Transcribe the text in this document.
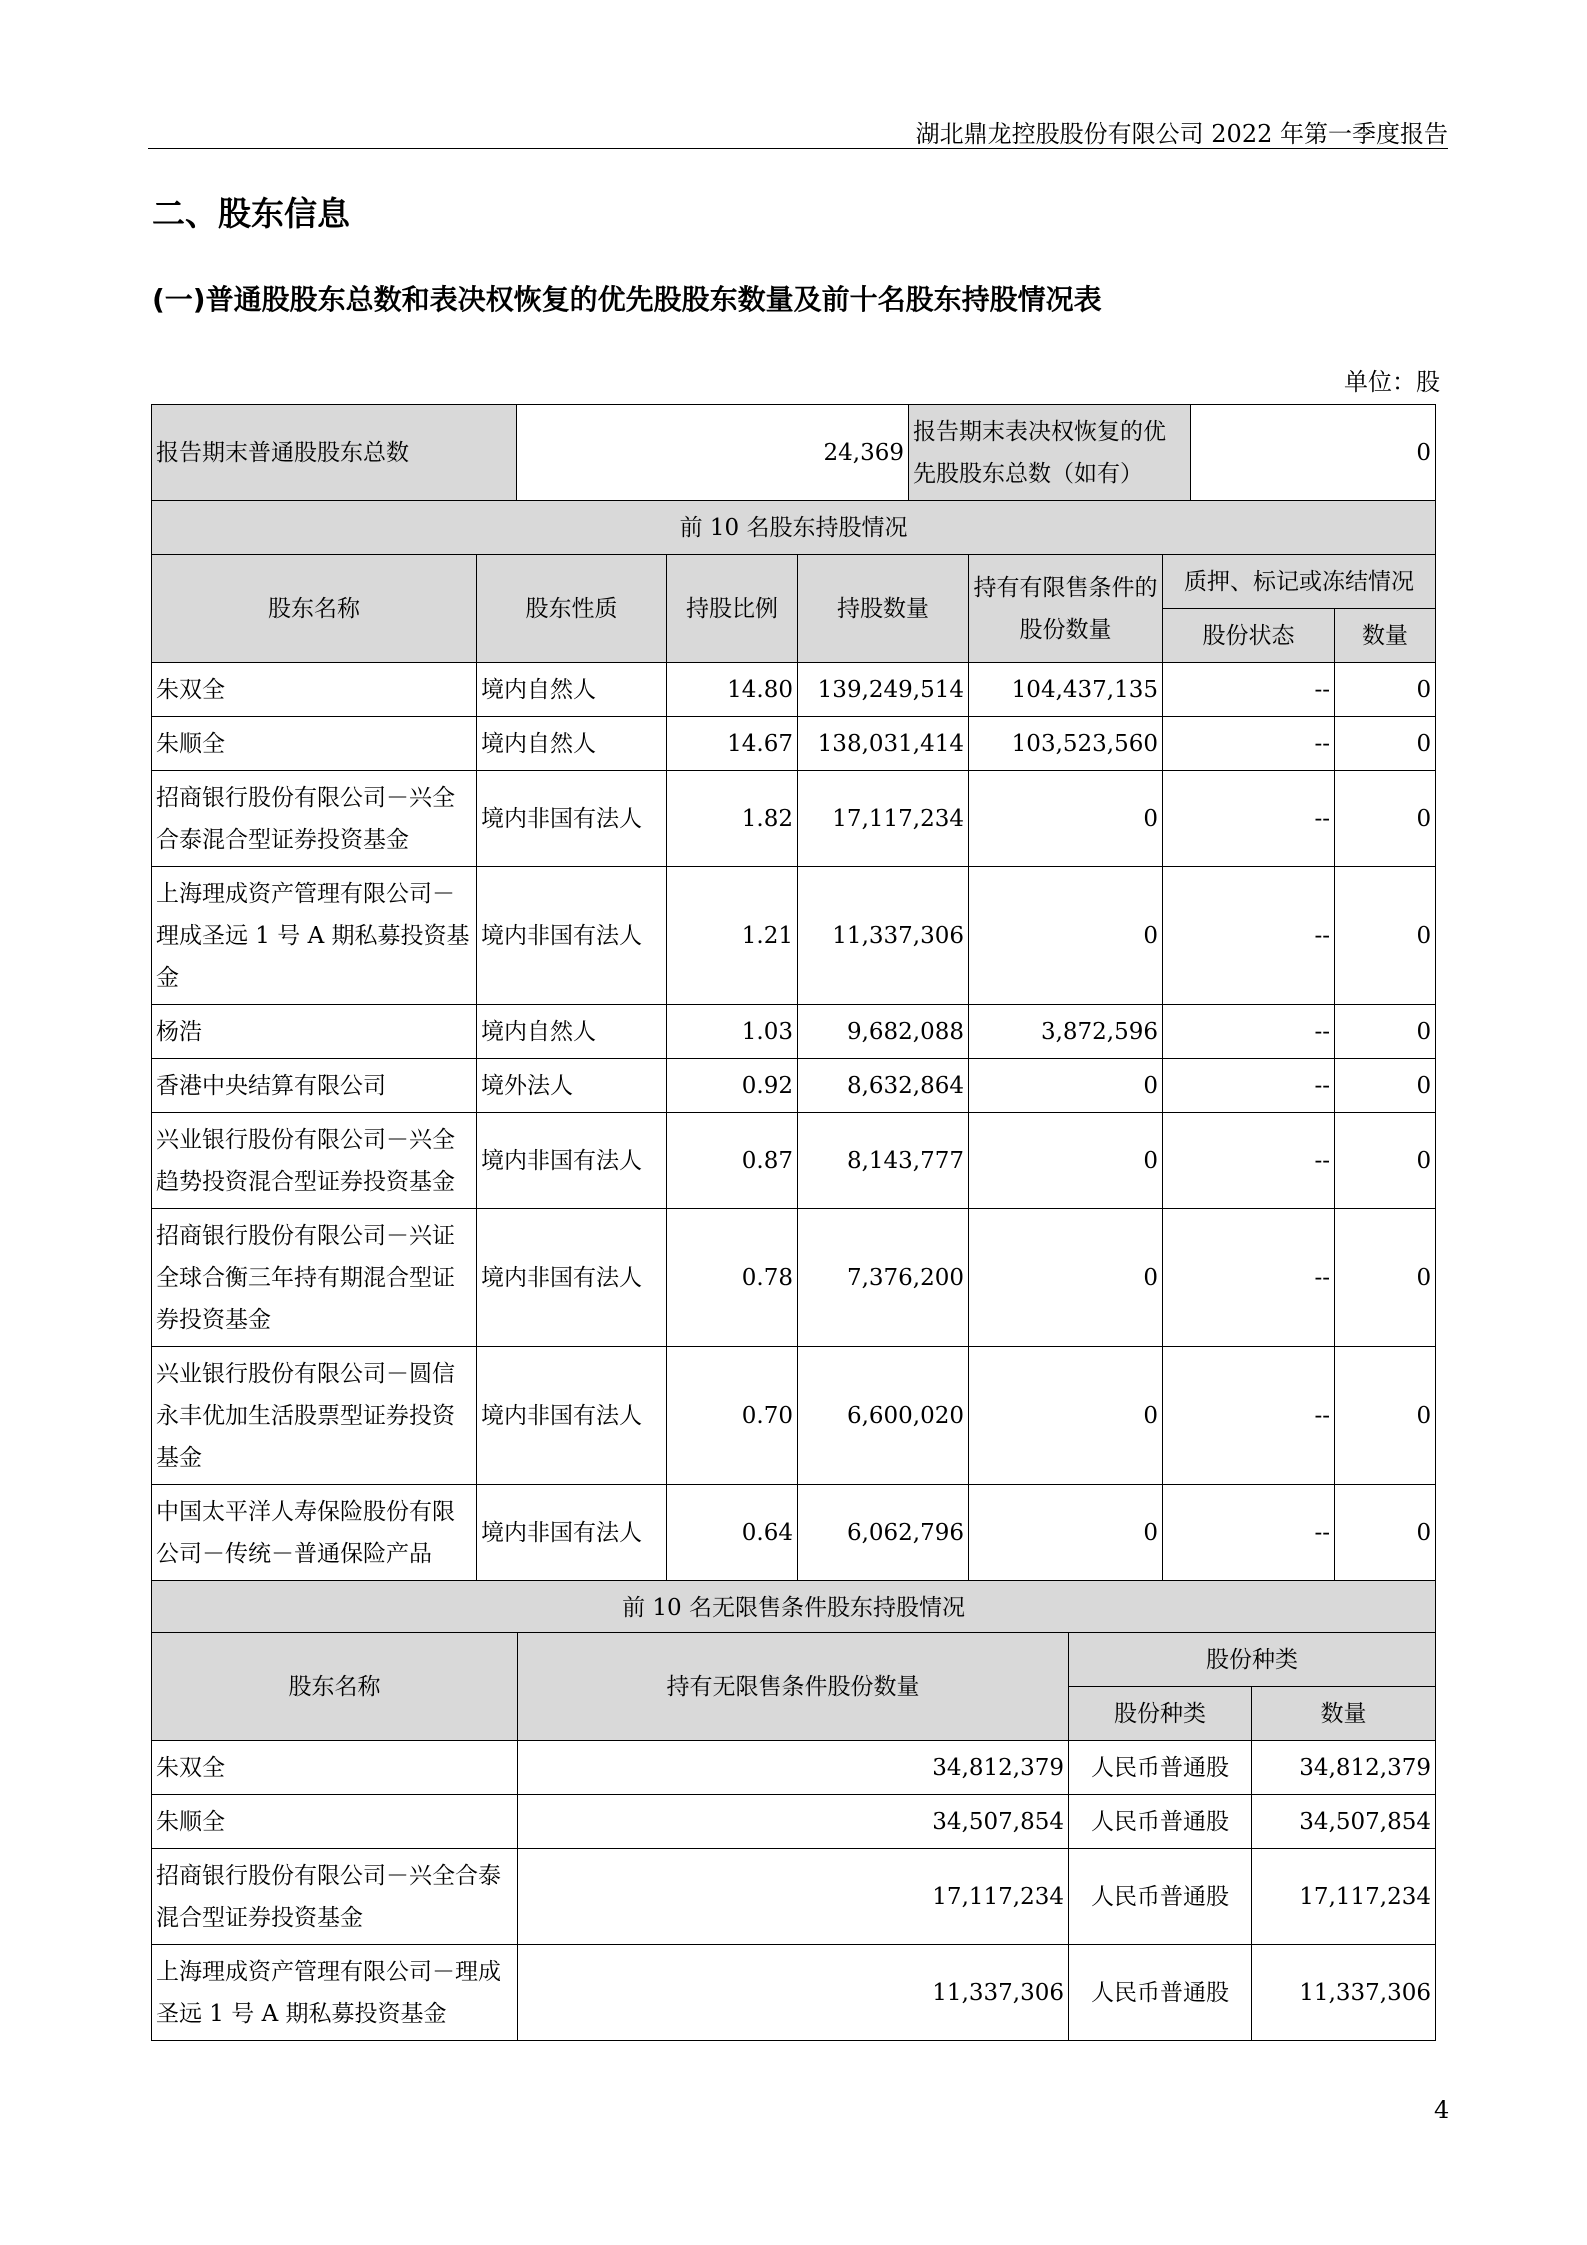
湖北鼎龙控股股份有限公司 2022 年第一季度报告
二、股东信息
(一)普通股股东总数和表决权恢复的优先股股东数量及前十名股东持股情况表
单位：股
报告期末普通股股东总数	24,369	报告期末表决权恢复的优先股股东总数（如有）	0
前 10 名股东持股情况						
股东名称	股东性质	持股比例	持股数量	持有有限售条件的股份数量	质押、标记或冻结情况	
					股份状态	数量
朱双全	境内自然人	14.80	139,249,514	104,437,135	--	0
朱顺全	境内自然人	14.67	138,031,414	103,523,560	--	0
招商银行股份有限公司－兴全合泰混合型证券投资基金	境内非国有法人	1.82	17,117,234	0	--	0
上海理成资产管理有限公司－理成圣远 1 号 A 期私募投资基金	境内非国有法人	1.21	11,337,306	0	--	0
杨浩	境内自然人	1.03	9,682,088	3,872,596	--	0
香港中央结算有限公司	境外法人	0.92	8,632,864	0	--	0
兴业银行股份有限公司－兴全趋势投资混合型证券投资基金	境内非国有法人	0.87	8,143,777	0	--	0
招商银行股份有限公司－兴证全球合衡三年持有期混合型证券投资基金	境内非国有法人	0.78	7,376,200	0	--	0
兴业银行股份有限公司－圆信永丰优加生活股票型证券投资基金	境内非国有法人	0.70	6,600,020	0	--	0
中国太平洋人寿保险股份有限公司－传统－普通保险产品	境内非国有法人	0.64	6,062,796	0	--	0
前 10 名无限售条件股东持股情况						
股东名称	持有无限售条件股份数量	股份种类	
		股份种类	数量
朱双全	34,812,379	人民币普通股	34,812,379
朱顺全	34,507,854	人民币普通股	34,507,854
招商银行股份有限公司－兴全合泰混合型证券投资基金	17,117,234	人民币普通股	17,117,234
上海理成资产管理有限公司－理成圣远 1 号 A 期私募投资基金	11,337,306	人民币普通股	11,337,306
4
